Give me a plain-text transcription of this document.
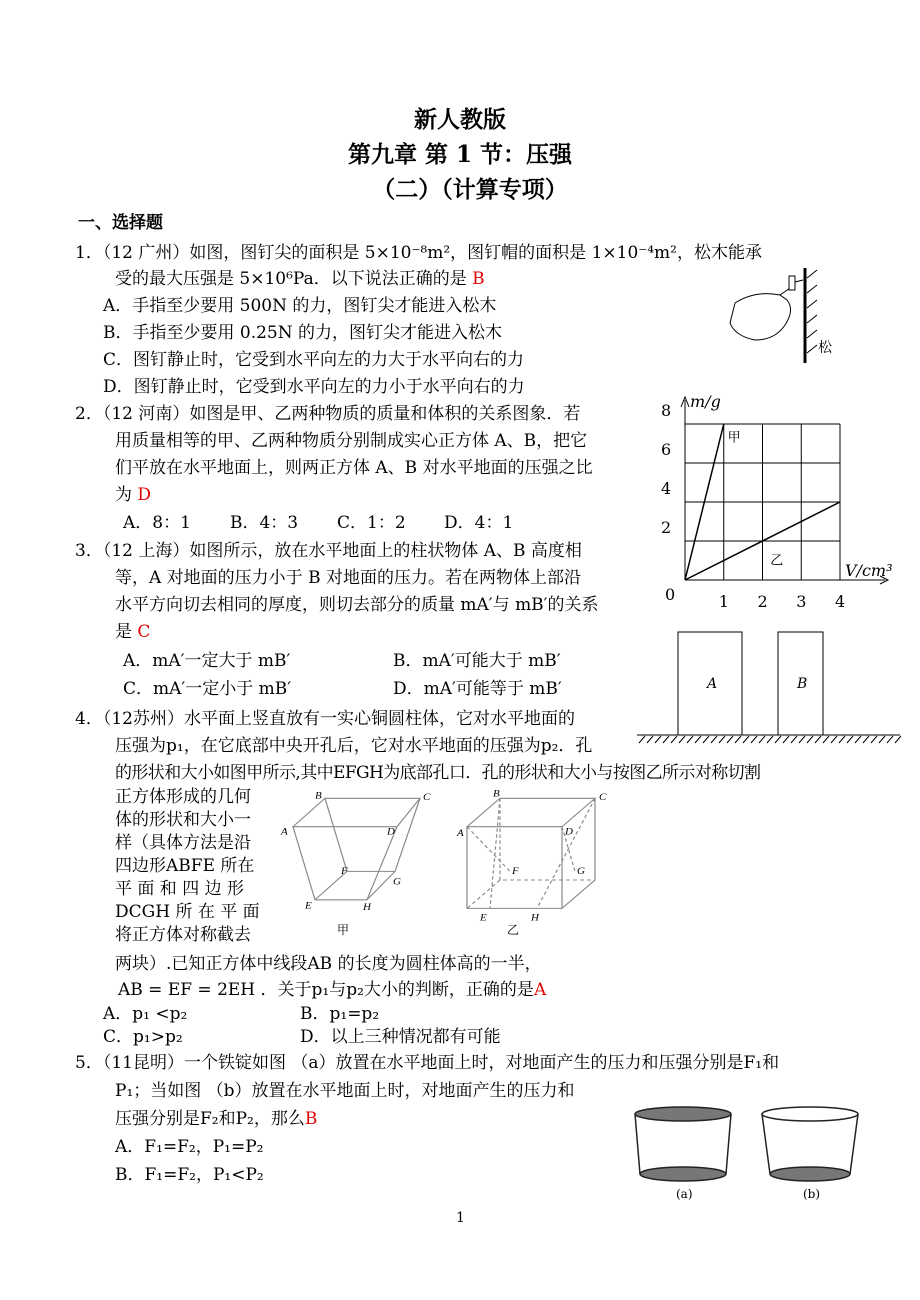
新人教版
第九章 第 1 节：压强
（二）（计算专项）
一、选择题
1．（12 广州）如图，图钉尖的面积是 5×10⁻⁸m²，图钉帽的面积是 1×10⁻⁴m²，松木能承
受的最大压强是 5×10⁶Pa．以下说法正确的是 B
A．手指至少要用 500N 的力，图钉尖才能进入松木
B．手指至少要用 0.25N 的力，图钉尖才能进入松木
C．图钉静止时，它受到水平向左的力大于水平向右的力
D．图钉静止时，它受到水平向左的力小于水平向右的力
松
2．（12 河南）如图是甲、乙两种物质的质量和体积的关系图象．若
用质量相等的甲、乙两种物质分别制成实心正方体 A、B，把它
们平放在水平地面上，则两正方体 A、B 对水平地面的压强之比
为 D
A．8：1 B．4：3 C．1：2 D．4：1
1 2 3 4
2
4
6
8
0
m/g
V/cm³
甲
乙
3．（12 上海）如图所示，放在水平地面上的柱状物体 A、B 高度相
等，A 对地面的压力小于 B 对地面的压力。若在两物体上部沿
水平方向切去相同的厚度，则切去部分的质量 mA′与 mB′的关系
是 C
A．mA′一定大于 mB′	B．mA′可能大于 mB′
C．mA′一定小于 mB′	D．mA′可能等于 mB′	A	B
4．（12苏州）水平面上竖直放有一实心铜圆柱体，它对水平地面的
压强为p₁，在它底部中央开孔后，它对水平地面的压强为p₂．孔
的形状和大小如图甲所示,其中EFGH为底部孔口．孔的形状和大小与按图乙所示对称切割
正方体形成的几何
体的形状和大小一
样（具体方法是沿
四边形ABFE 所在
平 面 和 四 边 形
DCGH 所 在 平 面
将正方体对称截去
两块）.已知正方体中线段AB 的长度为圆柱体高的一半，
AB = EF = 2EH ．关于p₁与p₂大小的判断，正确的是A
A．p₁ <p₂	B．p₁=p₂
C．p₁>p₂	D．以上三种情况都有可能
B	C
A	D
F
G
E	H
B	C
A	D
F	G
E	H
甲	乙
5．（11昆明）一个铁锭如图 （a）放置在水平地面上时，对地面产生的压力和压强分别是F₁和
P₁；当如图 （b）放置在水平地面上时，对地面产生的压力和
压强分别是F₂和P₂，那么B
A．F₁=F₂，P₁=P₂
B．F₁=F₂，P₁<P₂
(a)	(b)
1
